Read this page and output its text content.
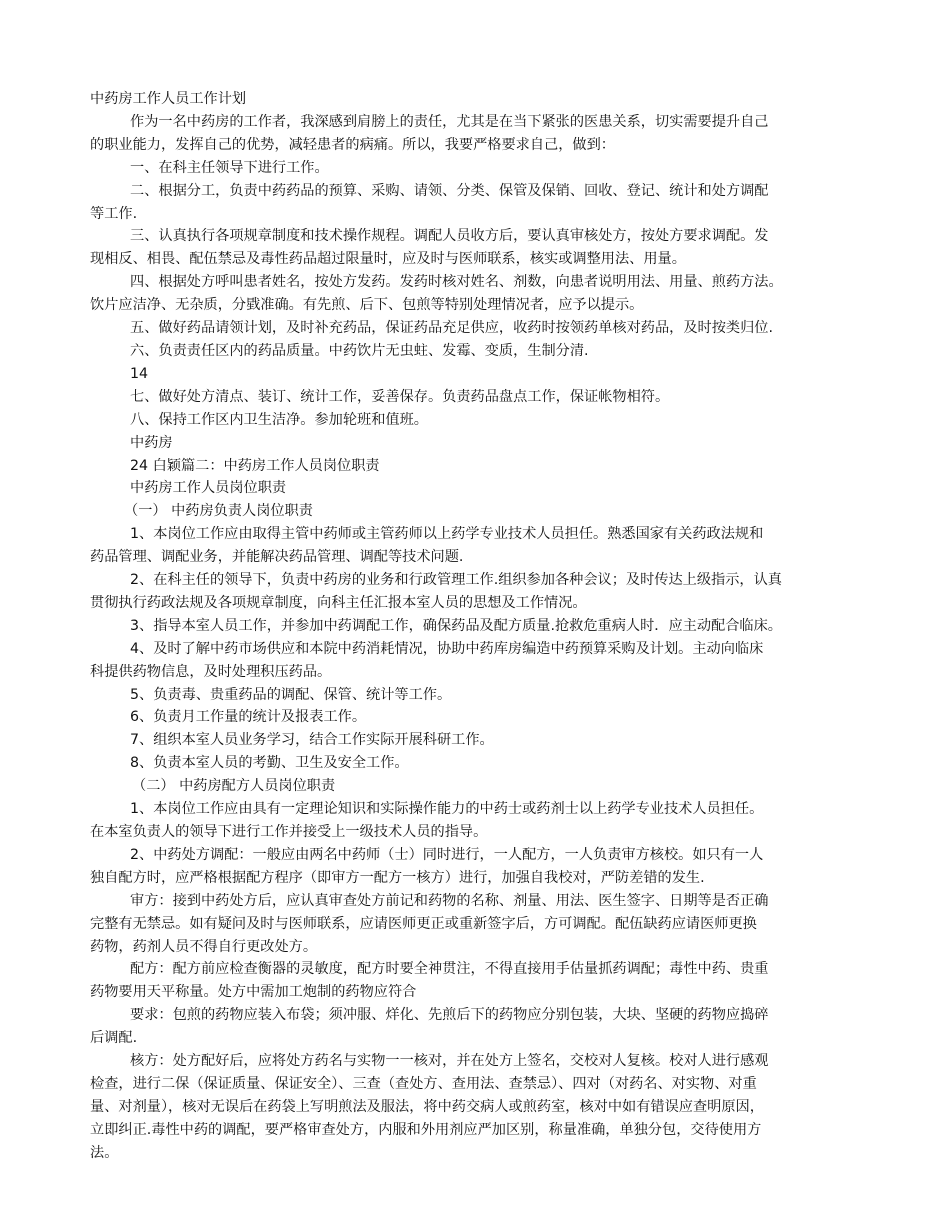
中药房工作人员工作计划

作为一名中药房的工作者，我深感到肩膀上的责任，尤其是在当下紧张的医患关系，切实需要提升自己

的职业能力，发挥自己的优势，减轻患者的病痛。所以，我要严格要求自己，做到：

一、在科主任领导下进行工作。

二、根据分工，负责中药药品的预算、采购、请领、分类、保管及保销、回收、登记、统计和处方调配

等工作.

三、认真执行各项规章制度和技术操作规程。调配人员收方后，要认真审核处方，按处方要求调配。发

现相反、相畏、配伍禁忌及毒性药品超过限量时，应及时与医师联系，核实或调整用法、用量。

四、根据处方呼叫患者姓名，按处方发药。发药时核对姓名、剂数，向患者说明用法、用量、煎药方法。

饮片应洁净、无杂质，分戥准确。有先煎、后下、包煎等特别处理情况者，应予以提示。

五、做好药品请领计划，及时补充药品，保证药品充足供应，收药时按领药单核对药品，及时按类归位.

六、负责责任区内的药品质量。中药饮片无虫蛀、发霉、变质，生制分清.

14

七、做好处方清点、装订、统计工作，妥善保存。负责药品盘点工作，保证帐物相符。

八、保持工作区内卫生洁净。参加轮班和值班。

中药房

24 白颖篇二：中药房工作人员岗位职责

中药房工作人员岗位职责

（一） 中药房负责人岗位职责

1、本岗位工作应由取得主管中药师或主管药师以上药学专业技术人员担任。熟悉国家有关药政法规和

药品管理、调配业务，并能解决药品管理、调配等技术问题.

2、在科主任的领导下，负责中药房的业务和行政管理工作.组织参加各种会议；及时传达上级指示，认真

贯彻执行药政法规及各项规章制度，向科主任汇报本室人员的思想及工作情况。

3、指导本室人员工作，并参加中药调配工作，确保药品及配方质量.抢救危重病人时．应主动配合临床。

4、及时了解中药市场供应和本院中药消耗情况，协助中药库房编造中药预算采购及计划。主动向临床

科提供药物信息，及时处理积压药品。

5、负责毒、贵重药品的调配、保管、统计等工作。

6、负责月工作量的统计及报表工作。

7、组织本室人员业务学习，结合工作实际开展科研工作。

8、负责本室人员的考勤、卫生及安全工作。

（二） 中药房配方人员岗位职责

1、本岗位工作应由具有一定理论知识和实际操作能力的中药士或药剂士以上药学专业技术人员担任。

在本室负责人的领导下进行工作并接受上一级技术人员的指导。

2、中药处方调配：一般应由两名中药师（士）同时进行，一人配方，一人负责审方核校。如只有一人

独自配方时，应严格根据配方程序（即审方一配方一核方）进行，加强自我校对，严防差错的发生.

审方：接到中药处方后，应认真审查处方前记和药物的名称、剂量、用法、医生签字、日期等是否正确

完整有无禁忌。如有疑问及时与医师联系，应请医师更正或重新签字后，方可调配。配伍缺药应请医师更换

药物，药剂人员不得自行更改处方。

配方：配方前应检查衡器的灵敏度，配方时要全神贯注，不得直接用手估量抓药调配；毒性中药、贵重

药物要用天平称量。处方中需加工炮制的药物应符合

要求：包煎的药物应装入布袋；须冲服、烊化、先煎后下的药物应分别包装，大块、坚硬的药物应捣碎

后调配.

核方：处方配好后，应将处方药名与实物一一核对，并在处方上签名，交校对人复核。校对人进行感观

检查，进行二保（保证质量、保证安全）、三查（查处方、查用法、查禁忌）、四对（对药名、对实物、对重

量、对剂量），核对无误后在药袋上写明煎法及服法，将中药交病人或煎药室，核对中如有错误应查明原因，

立即纠正.毒性中药的调配，要严格审查处方，内服和外用剂应严加区别，称量准确，单独分包，交待使用方

法。
